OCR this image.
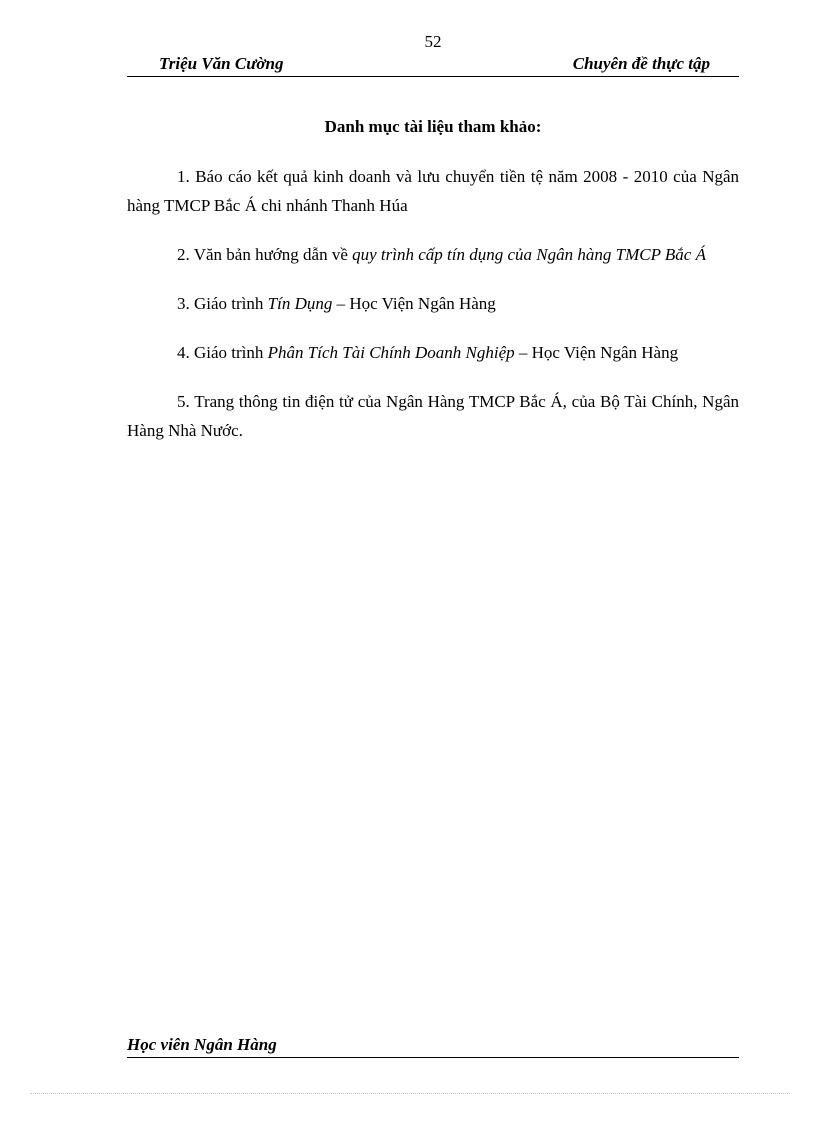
52
Triệu Văn Cường	Chuyên đề thực tập
Danh mục tài liệu tham khảo:

1. Báo cáo kết quả kinh doanh và lưu chuyển tiền tệ năm 2008 - 2010 của Ngân hàng TMCP Bắc Á chi nhánh Thanh Húa

2. Văn bản hướng dẫn về quy trình cấp tín dụng của Ngân hàng TMCP Bắc Á

3. Giáo trình Tín Dụng – Học Viện Ngân Hàng

4. Giáo trình Phân Tích Tài Chính Doanh Nghiệp – Học Viện Ngân Hàng

5. Trang thông tin điện tử của Ngân Hàng TMCP Bắc Á, của Bộ Tài Chính, Ngân Hàng Nhà Nước.

Học viên Ngân Hàng
